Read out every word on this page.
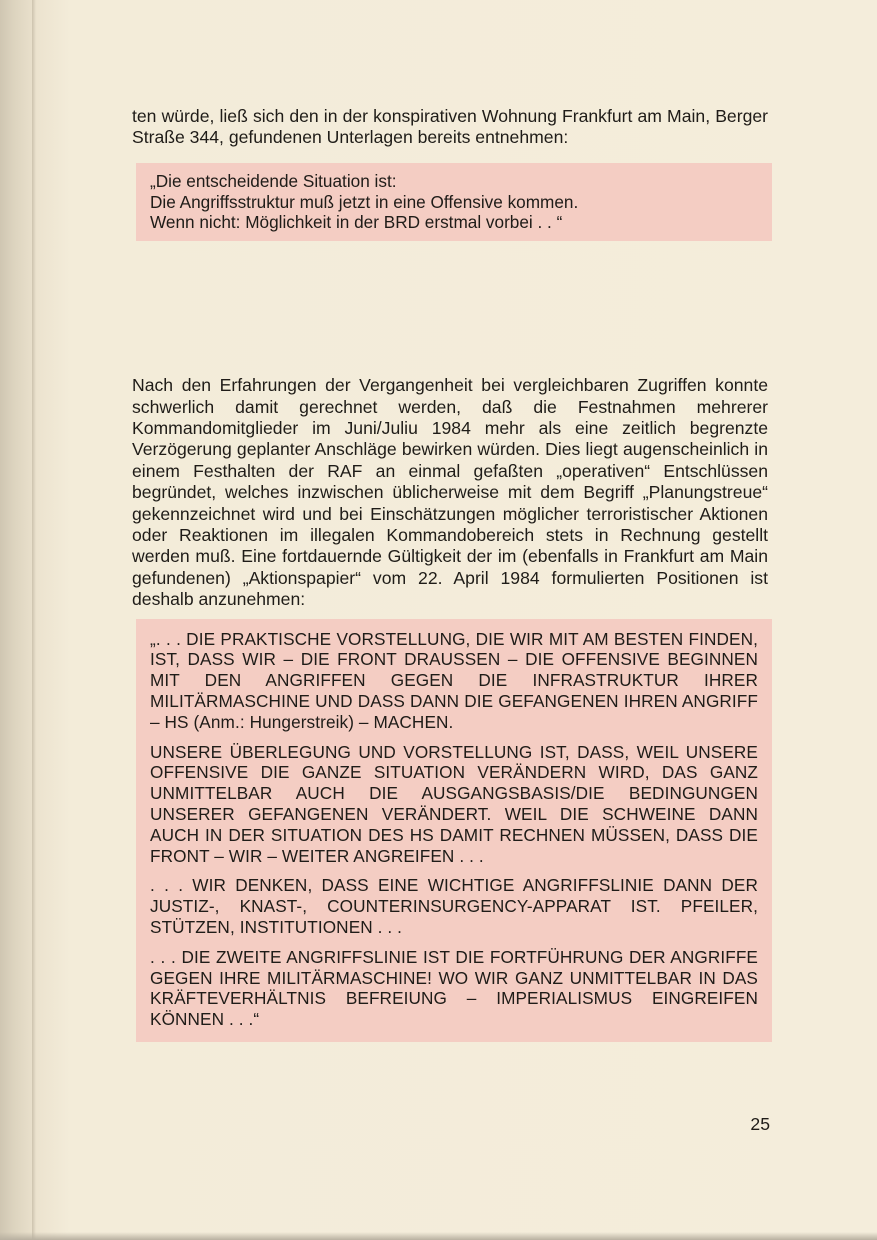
ten würde, ließ sich den in der konspirativen Wohnung Frankfurt am Main, Berger Straße 344, gefundenen Unterlagen bereits entnehmen:

„Die entscheidende Situation ist:

Die Angriffsstruktur muß jetzt in eine Offensive kommen.

Wenn nicht: Möglichkeit in der BRD erstmal vorbei . . “

Nach den Erfahrungen der Vergangenheit bei vergleichbaren Zugriffen konnte schwerlich damit gerechnet werden, daß die Festnahmen mehrerer Kommandomitglieder im Juni/Juliu 1984 mehr als eine zeitlich begrenzte Verzögerung geplanter Anschläge bewirken würden. Dies liegt augenscheinlich in einem Festhalten der RAF an einmal gefaßten „operativen“ Entschlüssen begründet, welches inzwischen üblicherweise mit dem Begriff „Planungstreue“ gekennzeichnet wird und bei Einschätzungen möglicher terroristischer Aktionen oder Reaktionen im illegalen Kommandobereich stets in Rechnung gestellt werden muß. Eine fortdauernde Gültigkeit der im (ebenfalls in Frankfurt am Main gefundenen) „Aktionspapier“ vom 22. April 1984 formulierten Positionen ist deshalb anzunehmen:

„. . . DIE PRAKTISCHE VORSTELLUNG, DIE WIR MIT AM BESTEN FINDEN, IST, DASS WIR – DIE FRONT DRAUSSEN – DIE OFFENSIVE BEGINNEN MIT DEN ANGRIFFEN GEGEN DIE INFRASTRUKTUR IHRER MILITÄRMASCHINE UND DASS DANN DIE GEFANGENEN IHREN ANGRIFF – HS (Anm.: Hungerstreik) – MACHEN.

UNSERE ÜBERLEGUNG UND VORSTELLUNG IST, DASS, WEIL UNSERE OFFENSIVE DIE GANZE SITUATION VERÄNDERN WIRD, DAS GANZ UNMITTELBAR AUCH DIE AUSGANGSBASIS/DIE BEDINGUNGEN UNSERER GEFANGENEN VERÄNDERT. WEIL DIE SCHWEINE DANN AUCH IN DER SITUATION DES HS DAMIT RECHNEN MÜSSEN, DASS DIE FRONT – WIR – WEITER ANGREIFEN . . .

. . . WIR DENKEN, DASS EINE WICHTIGE ANGRIFFSLINIE DANN DER JUSTIZ-, KNAST-, COUNTERINSURGENCY-APPARAT IST. PFEILER, STÜTZEN, INSTITUTIONEN . . .

. . . DIE ZWEITE ANGRIFFSLINIE IST DIE FORTFÜHRUNG DER ANGRIFFE GEGEN IHRE MILITÄRMASCHINE! WO WIR GANZ UNMITTELBAR IN DAS KRÄFTEVERHÄLTNIS BEFREIUNG – IMPERIALISMUS EINGREIFEN KÖNNEN . . .“

25
